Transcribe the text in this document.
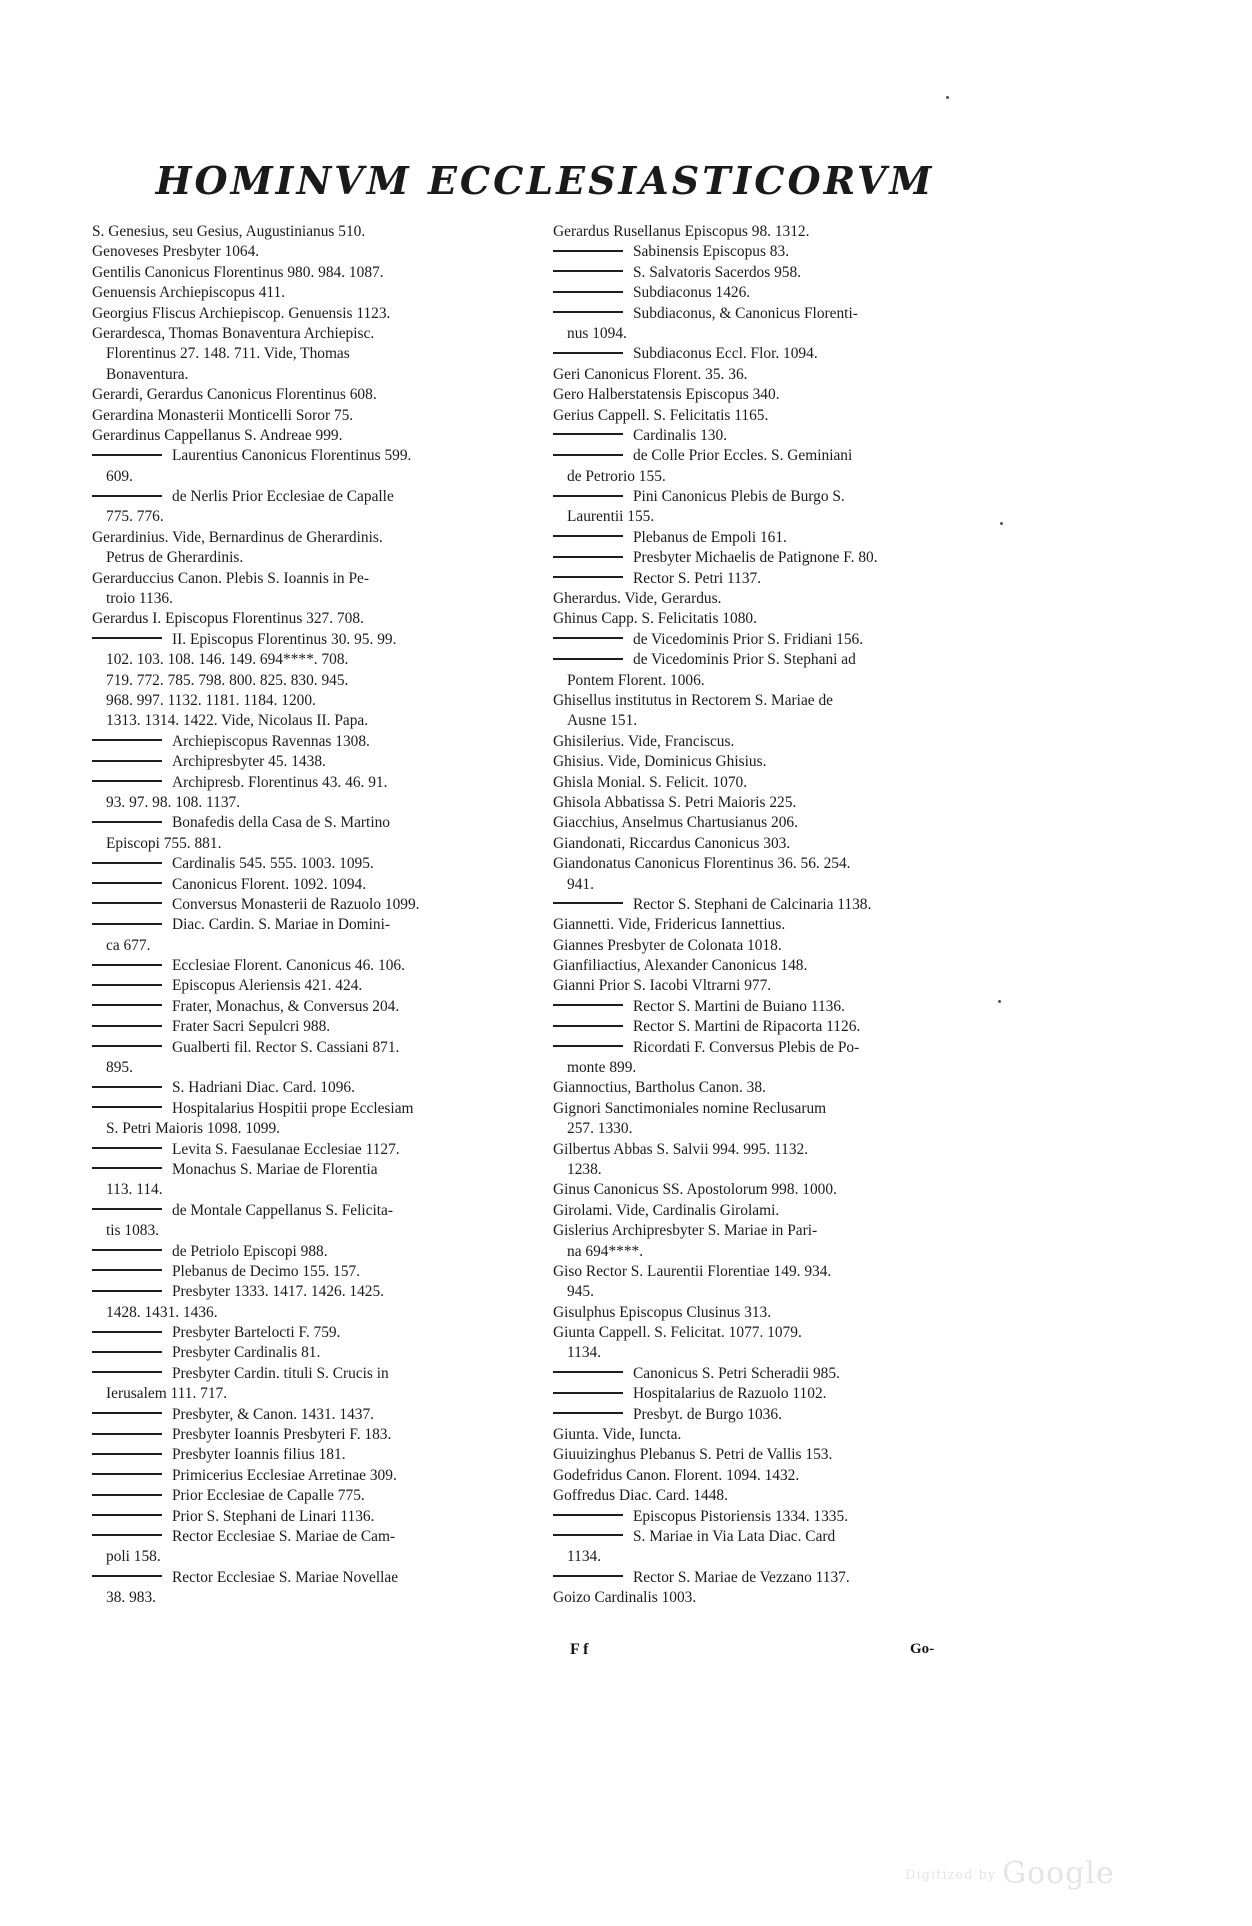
HOMINVM ECCLESIASTICORVM
S. Genesius, seu Gesius, Augustinianus 510.
Genoveses Presbyter 1064.
Gentilis Canonicus Florentinus 980. 984. 1087.
Genuensis Archiepiscopus 411.
Georgius Fliscus Archiepiscop. Genuensis 1123.
Gerardesca, Thomas Bonaventura Archiepisc.
Florentinus 27. 148. 711. Vide, Thomas
Bonaventura.
Gerardi, Gerardus Canonicus Florentinus 608.
Gerardina Monasterii Monticelli Soror 75.
Gerardinus Cappellanus S. Andreae 999.
Laurentius Canonicus Florentinus 599.
609.
de Nerlis Prior Ecclesiae de Capalle
775. 776.
Gerardinius. Vide, Bernardinus de Gherardinis.
Petrus de Gherardinis.
Gerarduccius Canon. Plebis S. Ioannis in Pe-
troio 1136.
Gerardus I. Episcopus Florentinus 327. 708.
II. Episcopus Florentinus 30. 95. 99.
102. 103. 108. 146. 149. 694****. 708.
719. 772. 785. 798. 800. 825. 830. 945.
968. 997. 1132. 1181. 1184. 1200.
1313. 1314. 1422. Vide, Nicolaus II. Papa.
Archiepiscopus Ravennas 1308.
Archipresbyter 45. 1438.
Archipresb. Florentinus 43. 46. 91.
93. 97. 98. 108. 1137.
Bonafedis della Casa de S. Martino
Episcopi 755. 881.
Cardinalis 545. 555. 1003. 1095.
Canonicus Florent. 1092. 1094.
Conversus Monasterii de Razuolo 1099.
Diac. Cardin. S. Mariae in Domini-
ca 677.
Ecclesiae Florent. Canonicus 46. 106.
Episcopus Aleriensis 421. 424.
Frater, Monachus, & Conversus 204.
Frater Sacri Sepulcri 988.
Gualberti fil. Rector S. Cassiani 871.
895.
S. Hadriani Diac. Card. 1096.
Hospitalarius Hospitii prope Ecclesiam
S. Petri Maioris 1098. 1099.
Levita S. Faesulanae Ecclesiae 1127.
Monachus S. Mariae de Florentia
113. 114.
de Montale Cappellanus S. Felicita-
tis 1083.
de Petriolo Episcopi 988.
Plebanus de Decimo 155. 157.
Presbyter 1333. 1417. 1426. 1425.
1428. 1431. 1436.
Presbyter Bartelocti F. 759.
Presbyter Cardinalis 81.
Presbyter Cardin. tituli S. Crucis in
Ierusalem 111. 717.
Presbyter, & Canon. 1431. 1437.
Presbyter Ioannis Presbyteri F. 183.
Presbyter Ioannis filius 181.
Primicerius Ecclesiae Arretinae 309.
Prior Ecclesiae de Capalle 775.
Prior S. Stephani de Linari 1136.
Rector Ecclesiae S. Mariae de Cam-
poli 158.
Rector Ecclesiae S. Mariae Novellae
38. 983.
Gerardus Rusellanus Episcopus 98. 1312.
Sabinensis Episcopus 83.
S. Salvatoris Sacerdos 958.
Subdiaconus 1426.
Subdiaconus, & Canonicus Florenti-
nus 1094.
Subdiaconus Eccl. Flor. 1094.
Geri Canonicus Florent. 35. 36.
Gero Halberstatensis Episcopus 340.
Gerius Cappell. S. Felicitatis 1165.
Cardinalis 130.
de Colle Prior Eccles. S. Geminiani
de Petrorio 155.
Pini Canonicus Plebis de Burgo S.
Laurentii 155.
Plebanus de Empoli 161.
Presbyter Michaelis de Patignone F. 80.
Rector S. Petri 1137.
Gherardus. Vide, Gerardus.
Ghinus Capp. S. Felicitatis 1080.
de Vicedominis Prior S. Fridiani 156.
de Vicedominis Prior S. Stephani ad
Pontem Florent. 1006.
Ghisellus institutus in Rectorem S. Mariae de
Ausne 151.
Ghisilerius. Vide, Franciscus.
Ghisius. Vide, Dominicus Ghisius.
Ghisla Monial. S. Felicit. 1070.
Ghisola Abbatissa S. Petri Maioris 225.
Giacchius, Anselmus Chartusianus 206.
Giandonati, Riccardus Canonicus 303.
Giandonatus Canonicus Florentinus 36. 56. 254.
941.
Rector S. Stephani de Calcinaria 1138.
Giannetti. Vide, Fridericus Iannettius.
Giannes Presbyter de Colonata 1018.
Gianfiliactius, Alexander Canonicus 148.
Gianni Prior S. Iacobi Vltrarni 977.
Rector S. Martini de Buiano 1136.
Rector S. Martini de Ripacorta 1126.
Ricordati F. Conversus Plebis de Po-
monte 899.
Giannoctius, Bartholus Canon. 38.
Gignori Sanctimoniales nomine Reclusarum
257. 1330.
Gilbertus Abbas S. Salvii 994. 995. 1132.
1238.
Ginus Canonicus SS. Apostolorum 998. 1000.
Girolami. Vide, Cardinalis Girolami.
Gislerius Archipresbyter S. Mariae in Pari-
na 694****.
Giso Rector S. Laurentii Florentiae 149. 934.
945.
Gisulphus Episcopus Clusinus 313.
Giunta Cappell. S. Felicitat. 1077. 1079.
1134.
Canonicus S. Petri Scheradii 985.
Hospitalarius de Razuolo 1102.
Presbyt. de Burgo 1036.
Giunta. Vide, Iuncta.
Giuuizinghus Plebanus S. Petri de Vallis 153.
Godefridus Canon. Florent. 1094. 1432.
Goffredus Diac. Card. 1448.
Episcopus Pistoriensis 1334. 1335.
S. Mariae in Via Lata Diac. Card
1134.
Rector S. Mariae de Vezzano 1137.
Goizo Cardinalis 1003.
F f	Go-
Digitized by Google
